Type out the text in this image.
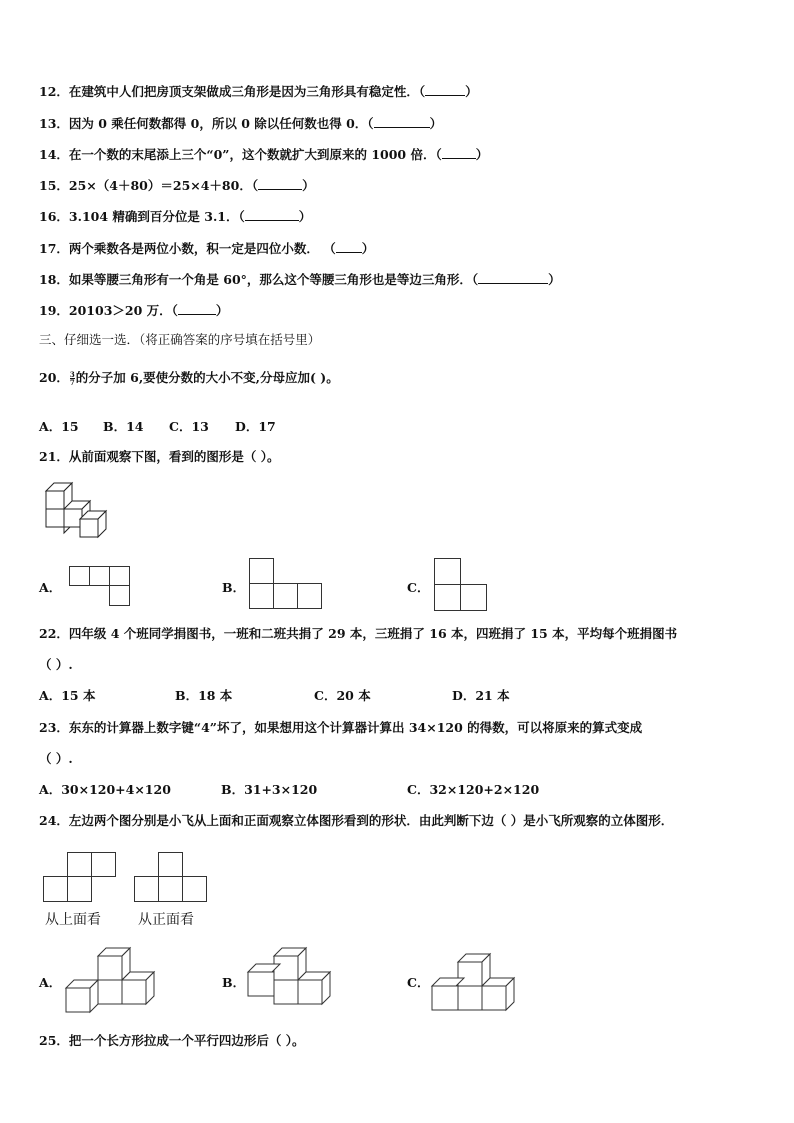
12．在建筑中人们把房顶支架做成三角形是因为三角形具有稳定性．（	）
13．因为 0 乘任何数都得 0，所以 0 除以任何数也得 0．（	）
14．在一个数的末尾添上三个“0”，这个数就扩大到原来的 1000 倍．（	）
15．25×（4＋80）＝25×4＋80．（	）
16．3.104 精确到百分位是 3.1．（	）
17．两个乘数各是两位小数，积一定是四位小数． （ ）
18．如果等腰三角形有一个角是 60°，那么这个等腰三角形也是等边三角形．（	）
19．20103＞20 万．（	）
三、仔细选一选．（将正确答案的序号填在括号里）
20． $\frac{3}{7}$ 的分子加 6,要使分数的大小不变,分母应加( )。
A．15 B．14 C．13 D．17
21．从前面观察下图，看到的图形是（ ）。
A．	B．	C．
22．四年级 4 个班同学捐图书，一班和二班共捐了 29 本，三班捐了 16 本，四班捐了 15 本，平均每个班捐图书
（ ）.
A．15 本	B．18 本	C．20 本	D．21 本
23．东东的计算器上数字键“4”坏了，如果想用这个计算器计算出 34×120 的得数，可以将原来的算式变成
（ ）.
A．30×120+4×120	B．31+3×120	C．32×120+2×120
24．左边两个图分别是小飞从上面和正面观察立体图形看到的形状．由此判断下边（ ）是小飞所观察的立体图形．
从上面看	从正面看
A．	B．	C．
25．把一个长方形拉成一个平行四边形后（ ）。
